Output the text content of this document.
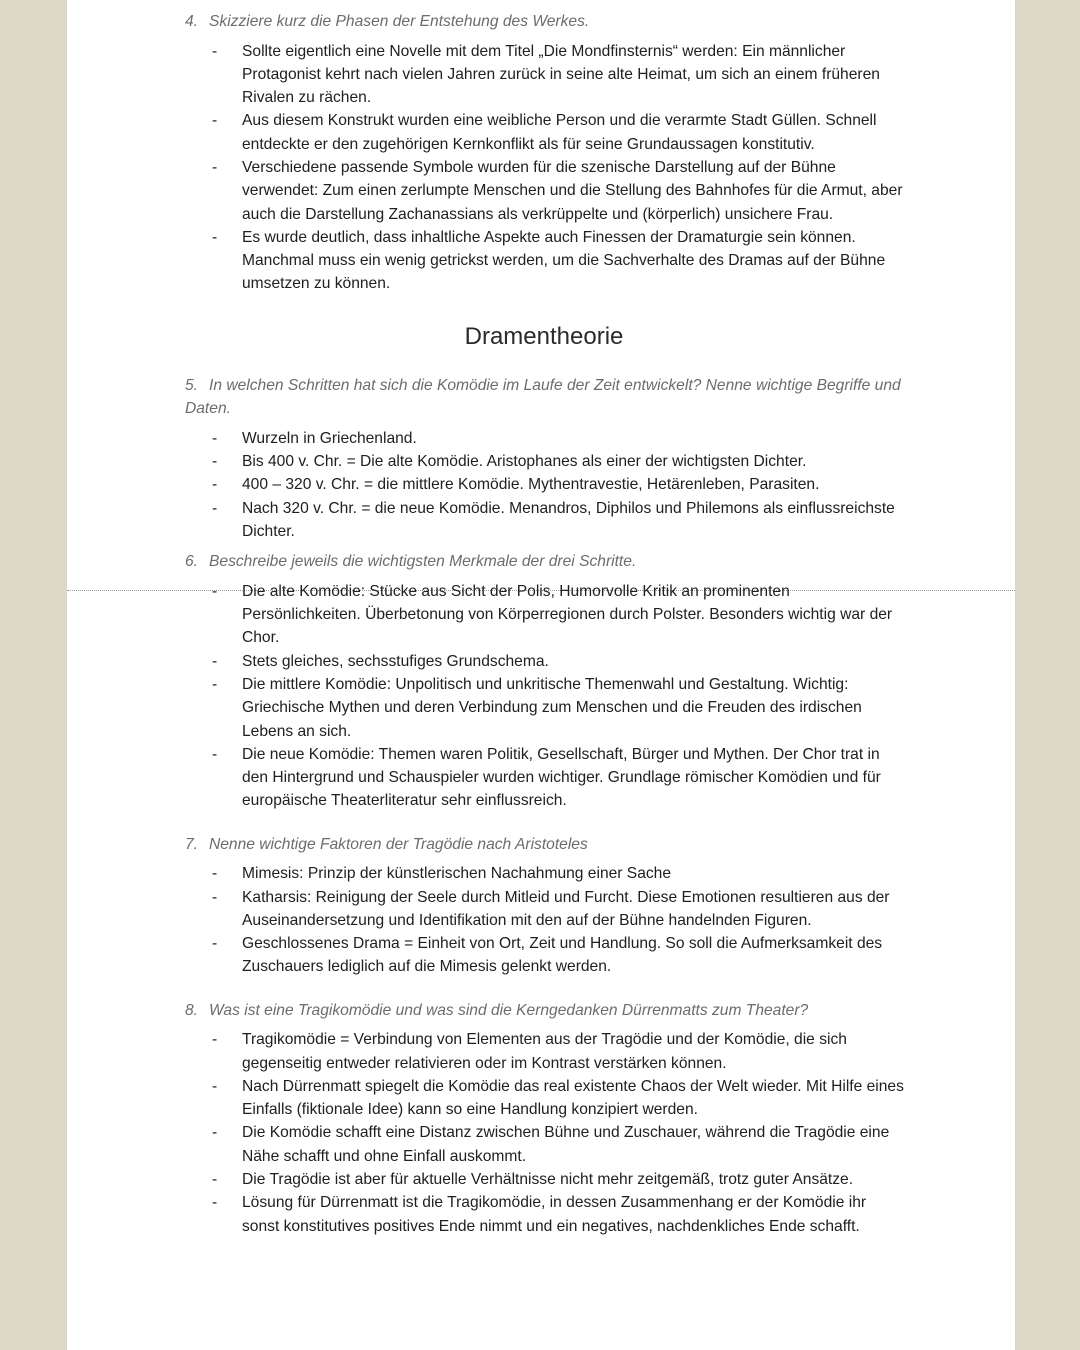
4. Skizziere kurz die Phasen der Entstehung des Werkes.
- Sollte eigentlich eine Novelle mit dem Titel „Die Mondfinsternis“ werden: Ein männlicher Protagonist kehrt nach vielen Jahren zurück in seine alte Heimat, um sich an einem früheren Rivalen zu rächen.
- Aus diesem Konstrukt wurden eine weibliche Person und die verarmte Stadt Güllen. Schnell entdeckte er den zugehörigen Kernkonflikt als für seine Grundaussagen konstitutiv.
- Verschiedene passende Symbole wurden für die szenische Darstellung auf der Bühne verwendet: Zum einen zerlumpte Menschen und die Stellung des Bahnhofes für die Armut, aber auch die Darstellung Zachanassians als verkrüppelte und (körperlich) unsichere Frau.
- Es wurde deutlich, dass inhaltliche Aspekte auch Finessen der Dramaturgie sein können. Manchmal muss ein wenig getrickst werden, um die Sachverhalte des Dramas auf der Bühne umsetzen zu können.
Dramentheorie
5. In welchen Schritten hat sich die Komödie im Laufe der Zeit entwickelt? Nenne wichtige Begriffe und Daten.
- Wurzeln in Griechenland.
- Bis 400 v. Chr. = Die alte Komödie. Aristophanes als einer der wichtigsten Dichter.
- 400 – 320 v. Chr. = die mittlere Komödie. Mythentravestie, Hetärenleben, Parasiten.
- Nach 320 v. Chr. = die neue Komödie. Menandros, Diphilos und Philemons als einflussreichste Dichter.
6. Beschreibe jeweils die wichtigsten Merkmale der drei Schritte.
- Die alte Komödie: Stücke aus Sicht der Polis, Humorvolle Kritik an prominenten Persönlichkeiten. Überbetonung von Körperregionen durch Polster. Besonders wichtig war der Chor.
- Stets gleiches, sechsstufiges Grundschema.
- Die mittlere Komödie: Unpolitisch und unkritische Themenwahl und Gestaltung. Wichtig: Griechische Mythen und deren Verbindung zum Menschen und die Freuden des irdischen Lebens an sich.
- Die neue Komödie: Themen waren Politik, Gesellschaft, Bürger und Mythen. Der Chor trat in den Hintergrund und Schauspieler wurden wichtiger. Grundlage römischer Komödien und für europäische Theaterliteratur sehr einflussreich.
7. Nenne wichtige Faktoren der Tragödie nach Aristoteles
- Mimesis: Prinzip der künstlerischen Nachahmung einer Sache
- Katharsis: Reinigung der Seele durch Mitleid und Furcht. Diese Emotionen resultieren aus der Auseinandersetzung und Identifikation mit den auf der Bühne handelnden Figuren.
- Geschlossenes Drama = Einheit von Ort, Zeit und Handlung. So soll die Aufmerksamkeit des Zuschauers lediglich auf die Mimesis gelenkt werden.
8. Was ist eine Tragikomödie und was sind die Kerngedanken Dürrenmatts zum Theater?
- Tragikomödie = Verbindung von Elementen aus der Tragödie und der Komödie, die sich gegenseitig entweder relativieren oder im Kontrast verstärken können.
- Nach Dürrenmatt spiegelt die Komödie das real existente Chaos der Welt wieder. Mit Hilfe eines Einfalls (fiktionale Idee) kann so eine Handlung konzipiert werden.
- Die Komödie schafft eine Distanz zwischen Bühne und Zuschauer, während die Tragödie eine Nähe schafft und ohne Einfall auskommt.
- Die Tragödie ist aber für aktuelle Verhältnisse nicht mehr zeitgemäß, trotz guter Ansätze.
- Lösung für Dürrenmatt ist die Tragikomödie, in dessen Zusammenhang er der Komödie ihr sonst konstitutives positives Ende nimmt und ein negatives, nachdenkliches Ende schafft.
